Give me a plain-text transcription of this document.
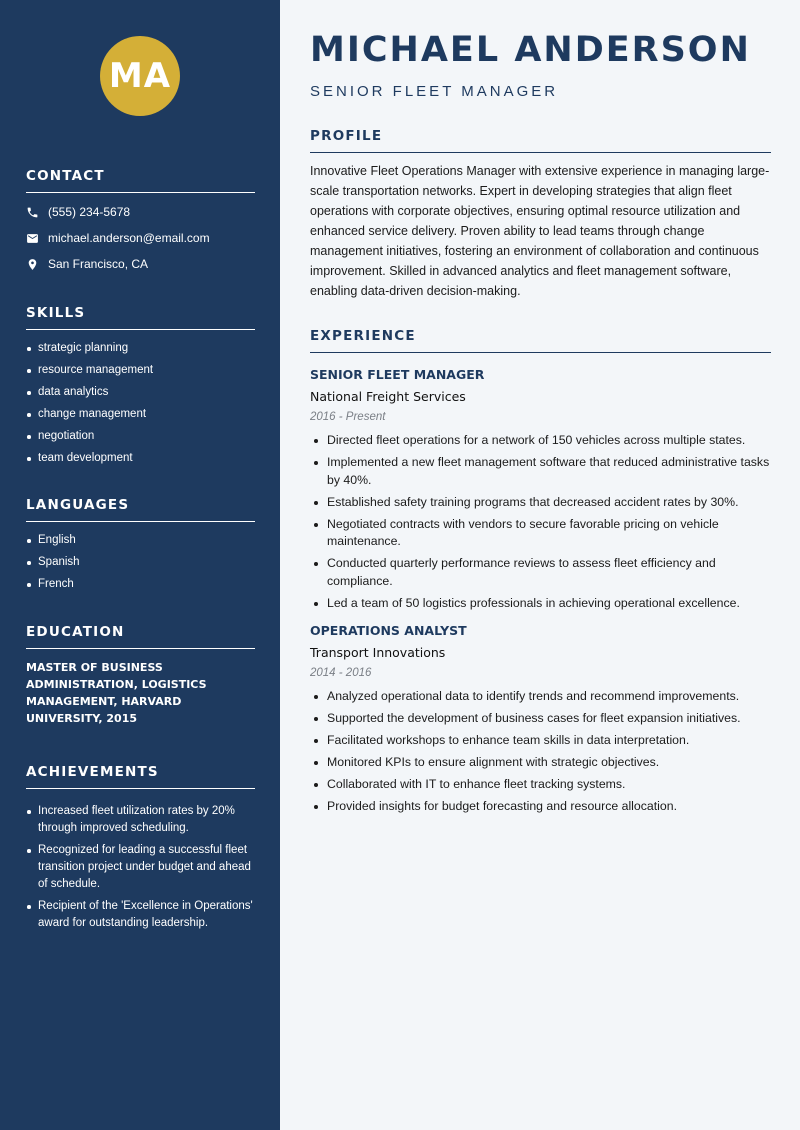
MA
CONTACT
(555) 234-5678
michael.anderson@email.com
San Francisco, CA
SKILLS
strategic planning
resource management
data analytics
change management
negotiation
team development
LANGUAGES
English
Spanish
French
EDUCATION
MASTER OF BUSINESS ADMINISTRATION, LOGISTICS MANAGEMENT, HARVARD UNIVERSITY, 2015
ACHIEVEMENTS
Increased fleet utilization rates by 20% through improved scheduling.
Recognized for leading a successful fleet transition project under budget and ahead of schedule.
Recipient of the 'Excellence in Operations' award for outstanding leadership.
MICHAEL ANDERSON
SENIOR FLEET MANAGER
PROFILE

Innovative Fleet Operations Manager with extensive experience in managing large-scale transportation networks. Expert in developing strategies that align fleet operations with corporate objectives, ensuring optimal resource utilization and enhanced service delivery. Proven ability to lead teams through change management initiatives, fostering an environment of collaboration and continuous improvement. Skilled in advanced analytics and fleet management software, enabling data-driven decision-making.

EXPERIENCE
SENIOR FLEET MANAGER
National Freight Services
2016 - Present
Directed fleet operations for a network of 150 vehicles across multiple states.
Implemented a new fleet management software that reduced administrative tasks by 40%.
Established safety training programs that decreased accident rates by 30%.
Negotiated contracts with vendors to secure favorable pricing on vehicle maintenance.
Conducted quarterly performance reviews to assess fleet efficiency and compliance.
Led a team of 50 logistics professionals in achieving operational excellence.
OPERATIONS ANALYST
Transport Innovations
2014 - 2016
Analyzed operational data to identify trends and recommend improvements.
Supported the development of business cases for fleet expansion initiatives.
Facilitated workshops to enhance team skills in data interpretation.
Monitored KPIs to ensure alignment with strategic objectives.
Collaborated with IT to enhance fleet tracking systems.
Provided insights for budget forecasting and resource allocation.
